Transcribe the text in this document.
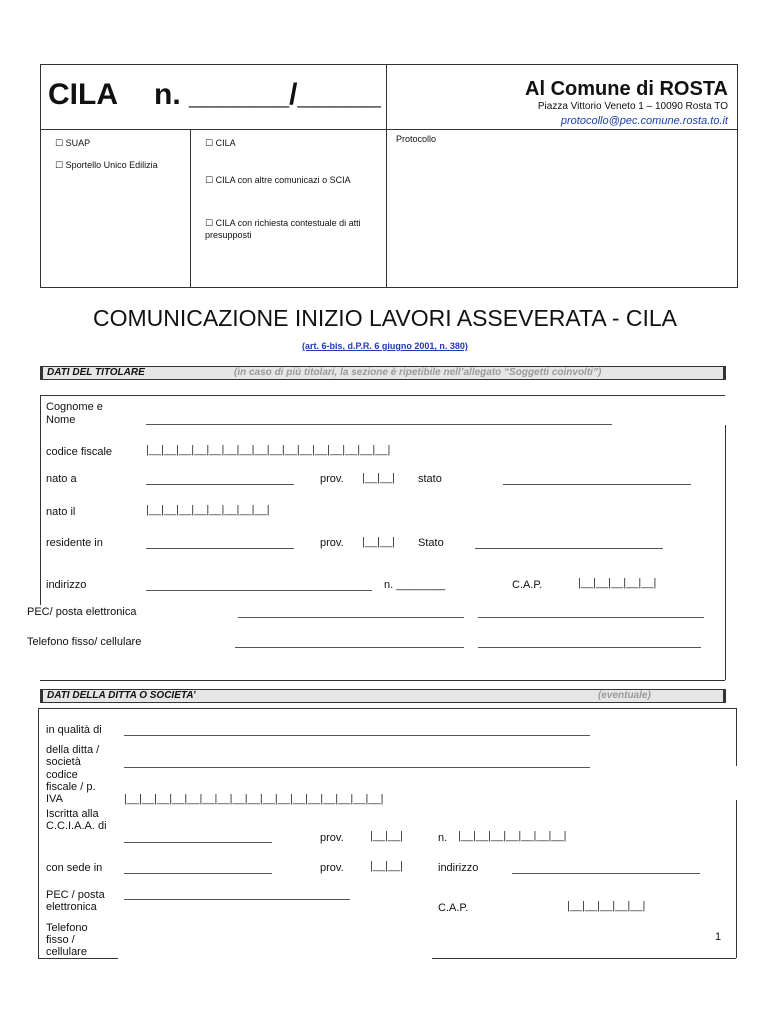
CILA n. ______/_____	Al Comune di ROSTA
Piazza Vittorio Veneto 1 – 10090 Rosta TO
protocollo@pec.comune.rosta.to.it
Protocollo
☐ SUAP
☐ Sportello Unico Edilizia
☐ CILA
☐ CILA con altre comunicazi o SCIA
☐ CILA con richiesta contestuale di atti presupposti
COMUNICAZIONE INIZIO LAVORI ASSEVERATA - CILA
(art. 6-bis, d.P.R. 6 giugno 2001, n. 380)
DATI DEL TITOLARE	(in caso di più titolari, la sezione è ripetibile nell’allegato “Soggetti coinvolti”)
Cognome e Nome
codice fiscale	|__|__|__|__|__|__|__|__|__|__|__|__|__|__|__|__|
nato a	prov. |__|__| stato
nato il	|__|__|__|__|__|__|__|__|
residente in	prov. |__|__| Stato
indirizzo	n. ________	C.A.P.	|__|__|__|__|__|
PEC/ posta elettronica
Telefono fisso/ cellulare
DATI DELLA DITTA O SOCIETA’	(eventuale)
in qualità di
della ditta / società
codice fiscale / p. IVA	|__|__|__|__|__|__|__|__|__|__|__|__|__|__|__|__|__|
Iscritta alla C.C.I.A.A. di
prov. |__|__|	n. |__|__|__|__|__|__|__|
con sede in	prov. |__|__|	indirizzo
PEC / posta elettronica	C.A.P.	|__|__|__|__|__|
Telefono fisso / cellulare
1
